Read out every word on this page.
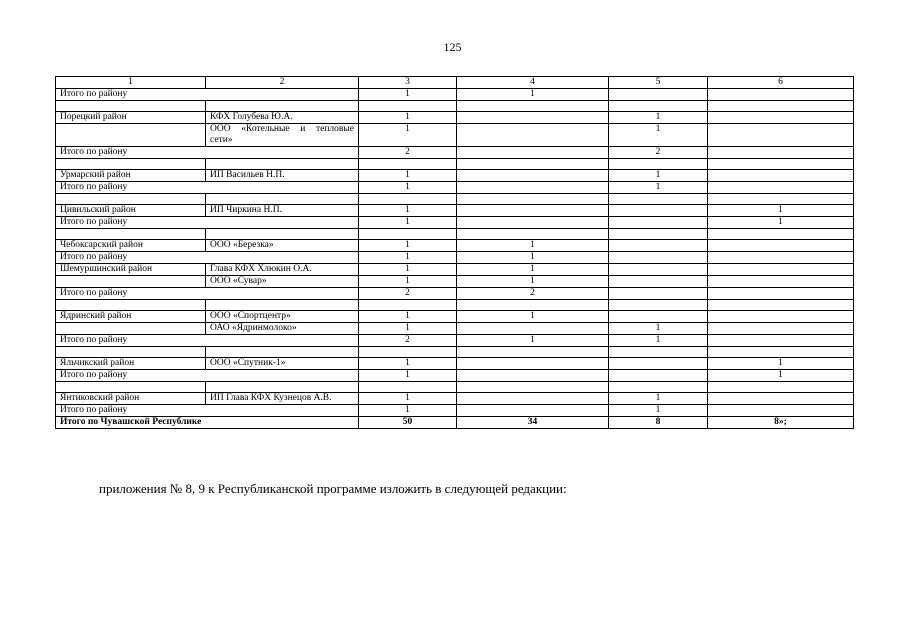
125
1	2	3	4	5	6
Итого по району		1	1		

Порецкий район	КФХ Голубева Ю.А.	1		1	
	ООО «Котельные и тепловые сети»	1		1	
Итого по району		2		2	

Урмарский район	ИП Васильев Н.П.	1		1	
Итого по району		1		1	

Цивильский район	ИП Чиркина Н.П.	1			1
Итого по району		1			1

Чебоксарский район	ООО «Березка»	1	1		
Итого по району		1	1		
Шемуршинский район	Глава КФХ Хлюкин О.А.	1	1		
	ООО «Сувар»	1	1		
Итого по району		2	2		

Ядринский район	ООО «Спортцентр»	1	1		
	ОАО «Ядринмолоко»	1		1	
Итого по району		2	1	1	

Яльчикский район	ООО «Спутник-1»	1			1
Итого по району		1			1

Янтиковский район	ИП Глава КФХ Кузнецов А.В.	1		1	
Итого по району		1		1	
Итого по Чувашской Республике		50	34	8	8»;
приложения № 8, 9 к Республиканской программе изложить в следующей редакции:
